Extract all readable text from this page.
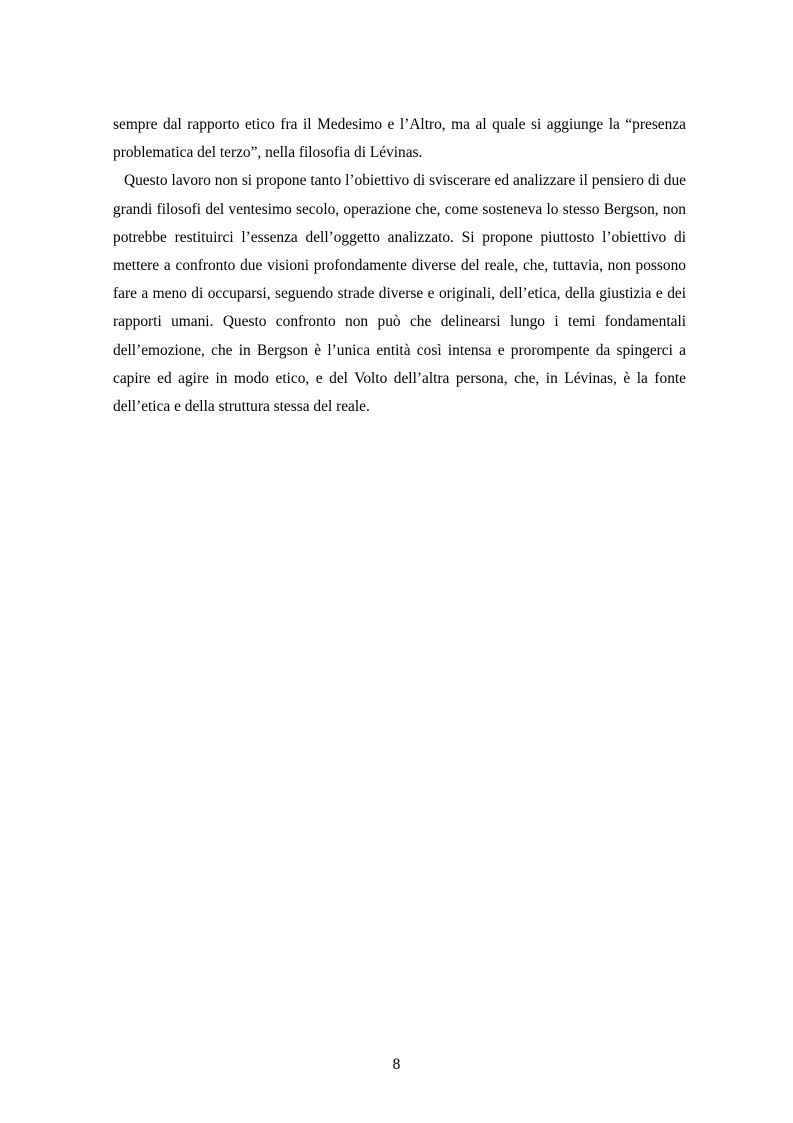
sempre dal rapporto etico fra il Medesimo e l’Altro, ma al quale si aggiunge la “presenza problematica del terzo”, nella filosofia di Lévinas.

Questo lavoro non si propone tanto l’obiettivo di sviscerare ed analizzare il pensiero di due grandi filosofi del ventesimo secolo, operazione che, come sosteneva lo stesso Bergson, non potrebbe restituirci l’essenza dell’oggetto analizzato. Si propone piuttosto l’obiettivo di mettere a confronto due visioni profondamente diverse del reale, che, tuttavia, non possono fare a meno di occuparsi, seguendo strade diverse e originali, dell’etica, della giustizia e dei rapporti umani. Questo confronto non può che delinearsi lungo i temi fondamentali dell’emozione, che in Bergson è l’unica entità così intensa e prorompente da spingerci a capire ed agire in modo etico, e del Volto dell’altra persona, che, in Lévinas, è la fonte dell’etica e della struttura stessa del reale.

8
